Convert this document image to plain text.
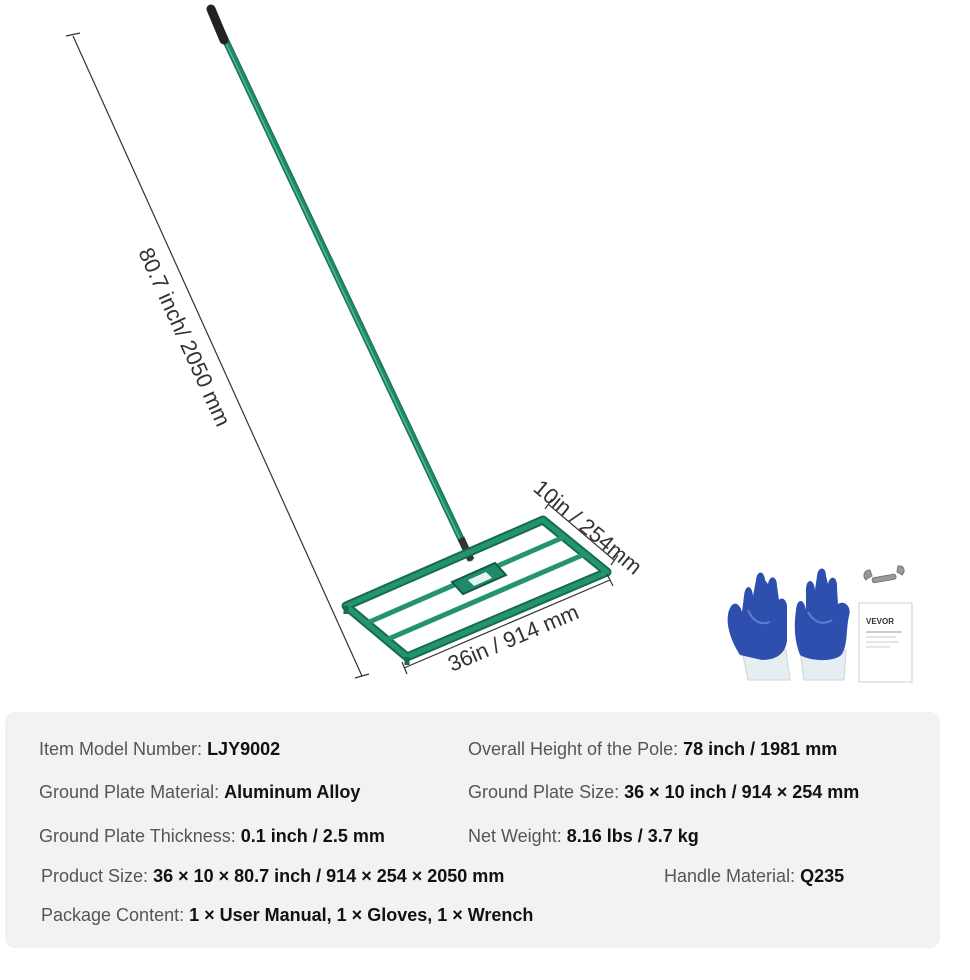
80.7 inch/ 2050 mm
10in / 254mm
36in / 914 mm	VEVOR
Item Model Number: LJY9002	Overall Height of the Pole: 78 inch / 1981 mm
Ground Plate Material: Aluminum Alloy	Ground Plate Size: 36 × 10 inch / 914 × 254 mm
Ground Plate Thickness: 0.1 inch / 2.5 mm	Net Weight: 8.16 lbs / 3.7 kg
Product Size: 36 × 10 × 80.7 inch / 914 × 254 × 2050 mm	Handle Material: Q235
Package Content: 1 × User Manual, 1 × Gloves, 1 × Wrench
